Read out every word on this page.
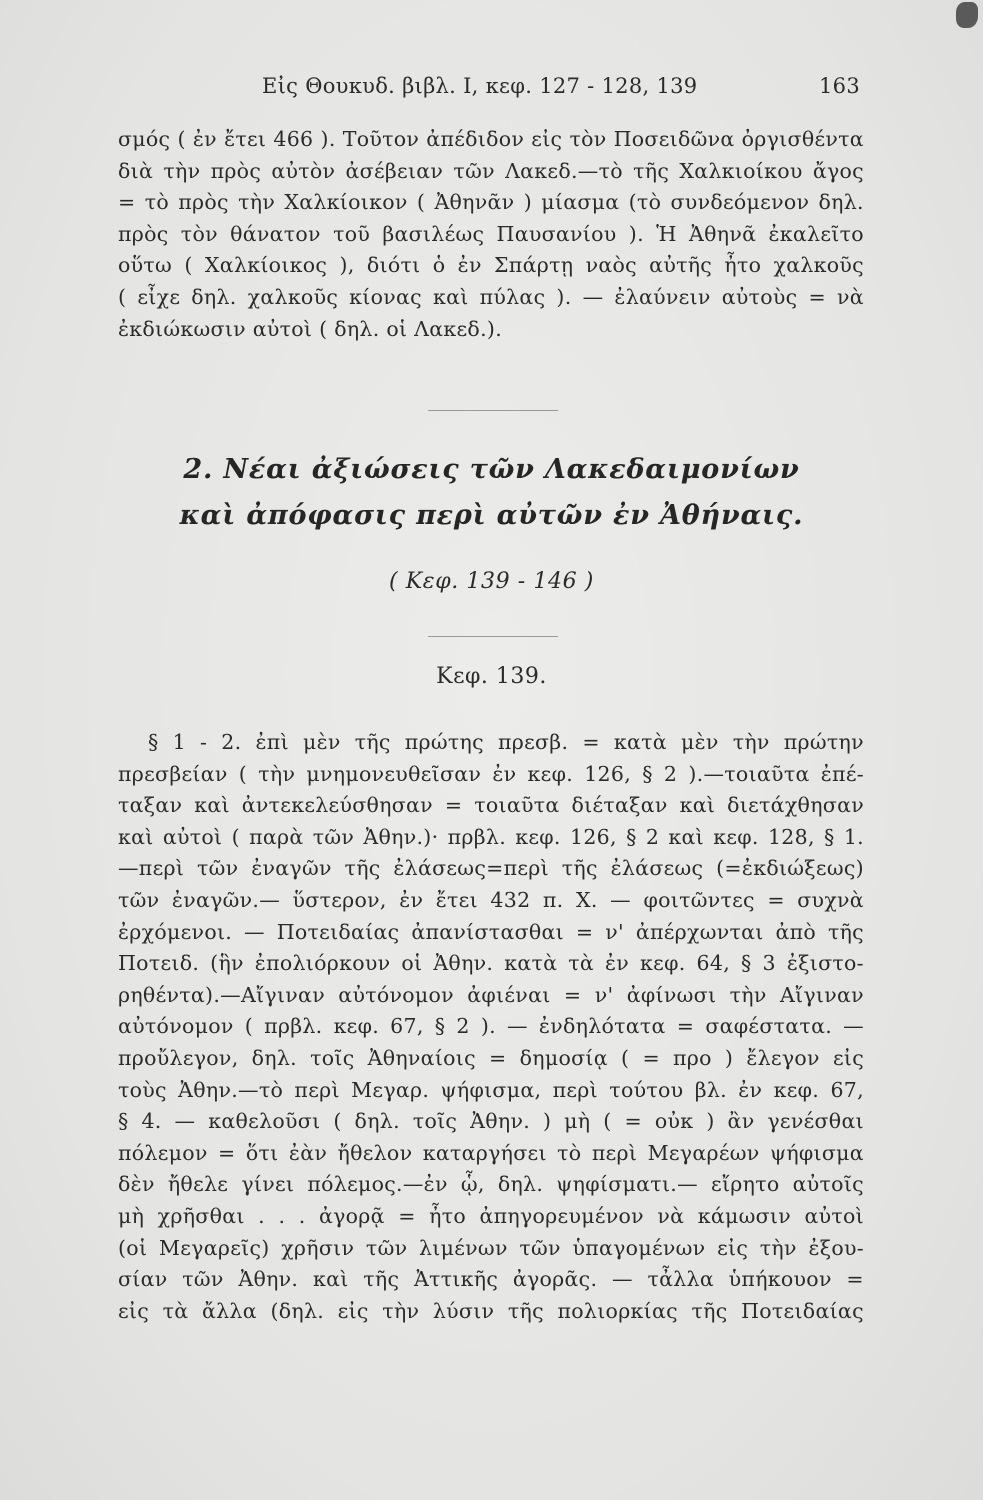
Εἰς Θουκυδ. βιβλ. Ι, κεφ. 127 - 128, 139	163
σμός ( ἐν ἔτει 466 ). Τοῦτον ἀπέδιδον εἰς τὸν Ποσειδῶνα ὀργισθέντα
διὰ τὴν πρὸς αὐτὸν ἀσέβειαν τῶν Λακεδ.—τὸ τῆς Χαλκιοίκου ἄγος
= τὸ πρὸς τὴν Χαλκίοικον ( Ἀθηνᾶν ) μίασμα (τὸ συνδεόμενον δηλ.
πρὸς τὸν θάνατον τοῦ βασιλέως Παυσανίου ). Ἡ Ἀθηνᾶ ἐκαλεῖτο
οὕτω ( Χαλκίοικος ), διότι ὁ ἐν Σπάρτῃ ναὸς αὐτῆς ἦτο χαλκοῦς
( εἶχε δηλ. χαλκοῦς κίονας καὶ πύλας ). — ἐλαύνειν αὐτοὺς = νὰ
ἐκδιώκωσιν αὐτοὶ ( δηλ. οἱ Λακεδ.).
2. Νέαι ἀξιώσεις τῶν Λακεδαιμονίων
καὶ ἀπόφασις περὶ αὐτῶν ἐν Ἀθήναις.
( Κεφ. 139 - 146 )
Κεφ. 139.
§ 1 - 2. ἐπὶ μὲν τῆς πρώτης πρεσβ. = κατὰ μὲν τὴν πρώτην
πρεσβείαν ( τὴν μνημονευθεῖσαν ἐν κεφ. 126, § 2 ).—τοιαῦτα ἐπέ-
ταξαν καὶ ἀντεκελεύσθησαν = τοιαῦτα διέταξαν καὶ διετάχθησαν
καὶ αὐτοὶ ( παρὰ τῶν Ἀθην.)· πρβλ. κεφ. 126, § 2 καὶ κεφ. 128, § 1.
—περὶ τῶν ἐναγῶν τῆς ἐλάσεως=περὶ τῆς ἐλάσεως (=ἐκδιώξεως)
τῶν ἐναγῶν.— ὕστερον, ἐν ἔτει 432 π. Χ. — φοιτῶντες = συχνὰ
ἐρχόμενοι. — Ποτειδαίας ἀπανίστασθαι = ν' ἀπέρχωνται ἀπὸ τῆς
Ποτειδ. (ἣν ἐπολιόρκουν οἱ Ἀθην. κατὰ τὰ ἐν κεφ. 64, § 3 ἐξιστο-
ρηθέντα).—Αἴγιναν αὐτόνομον ἀφιέναι = ν' ἀφίνωσι τὴν Αἴγιναν
αὐτόνομον ( πρβλ. κεφ. 67, § 2 ). — ἐνδηλότατα = σαφέστατα. —
προὔλεγον, δηλ. τοῖς Ἀθηναίοις = δημοσίᾳ ( = προ ) ἔλεγον εἰς
τοὺς Ἀθην.—τὸ περὶ Μεγαρ. ψήφισμα, περὶ τούτου βλ. ἐν κεφ. 67,
§ 4. — καθελοῦσι ( δηλ. τοῖς Ἀθην. ) μὴ ( = οὐκ ) ἂν γενέσθαι
πόλεμον = ὅτι ἐὰν ἤθελον καταργήσει τὸ περὶ Μεγαρέων ψήφισμα
δὲν ἤθελε γίνει πόλεμος.—ἐν ᾧ, δηλ. ψηφίσματι.— εἴρητο αὐτοῖς
μὴ χρῆσθαι . . . ἀγορᾷ = ἦτο ἀπηγορευμένον νὰ κάμωσιν αὐτοὶ
(οἱ Μεγαρεῖς) χρῆσιν τῶν λιμένων τῶν ὑπαγομένων εἰς τὴν ἐξου-
σίαν τῶν Ἀθην. καὶ τῆς Ἀττικῆς ἀγορᾶς. — τἆλλα ὑπήκουον =
εἰς τὰ ἄλλα (δηλ. εἰς τὴν λύσιν τῆς πολιορκίας τῆς Ποτειδαίας
